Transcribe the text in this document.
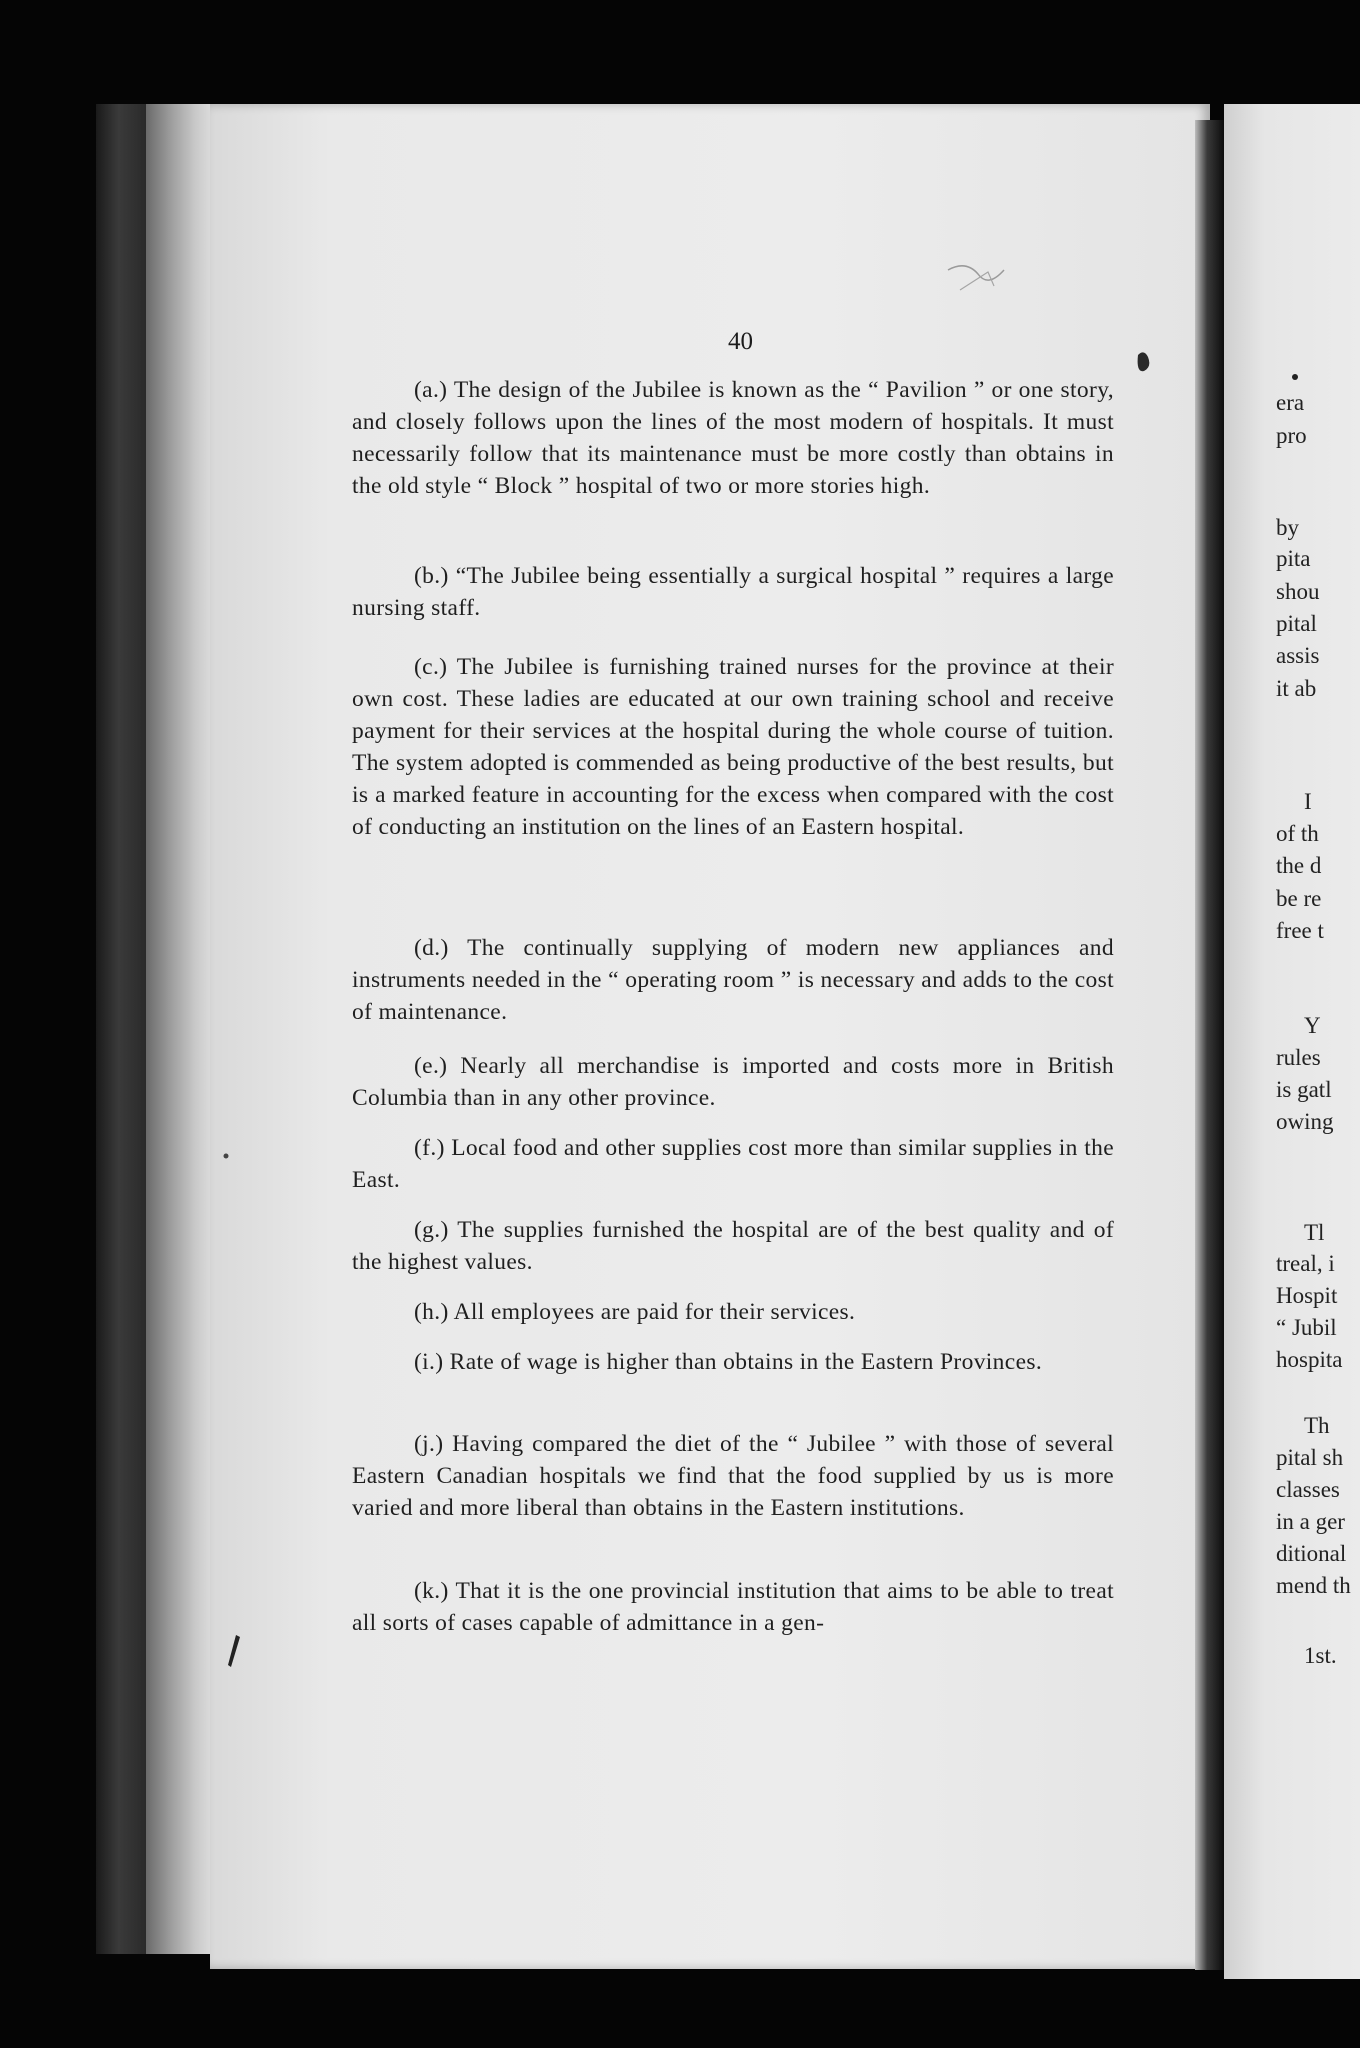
era

pro

by

pita

shou

pital

assis

it ab

I

of th

the d

be re

free t

Y

rules

is gatl

owing

Tl

treal, i

Hospit

“ Jubil

hospita

Th

pital sh

classes

in a ger

ditional

mend th

1st.

40

(a.) The design of the Jubilee is known as the “ Pavilion ” or one story, and closely follows upon the lines of the most modern of hospitals. It must necessarily follow that its maintenance must be more costly than obtains in the old style “ Block ” hospital of two or more stories high.

(b.) “The Jubilee being essentially a surgical hospital ” requires a large nursing staff.

(c.) The Jubilee is furnishing trained nurses for the province at their own cost. These ladies are educated at our own training school and receive payment for their services at the hospital during the whole course of tuition. The system adopted is commended as being productive of the best results, but is a marked feature in accounting for the excess when compared with the cost of conducting an institution on the lines of an Eastern hospital.

(d.) The continually supplying of modern new appliances and instruments needed in the “ operating room ” is necessary and adds to the cost of maintenance.

(e.) Nearly all merchandise is imported and costs more in British Columbia than in any other province.

(f.) Local food and other supplies cost more than similar supplies in the East.

(g.) The supplies furnished the hospital are of the best quality and of the highest values.

(h.) All employees are paid for their services.

(i.) Rate of wage is higher than obtains in the Eastern Provinces.

(j.) Having compared the diet of the “ Jubilee ” with those of several Eastern Canadian hospitals we find that the food supplied by us is more varied and more liberal than obtains in the Eastern institutions.

(k.) That it is the one provincial institution that aims to be able to treat all sorts of cases capable of admittance in a gen-
